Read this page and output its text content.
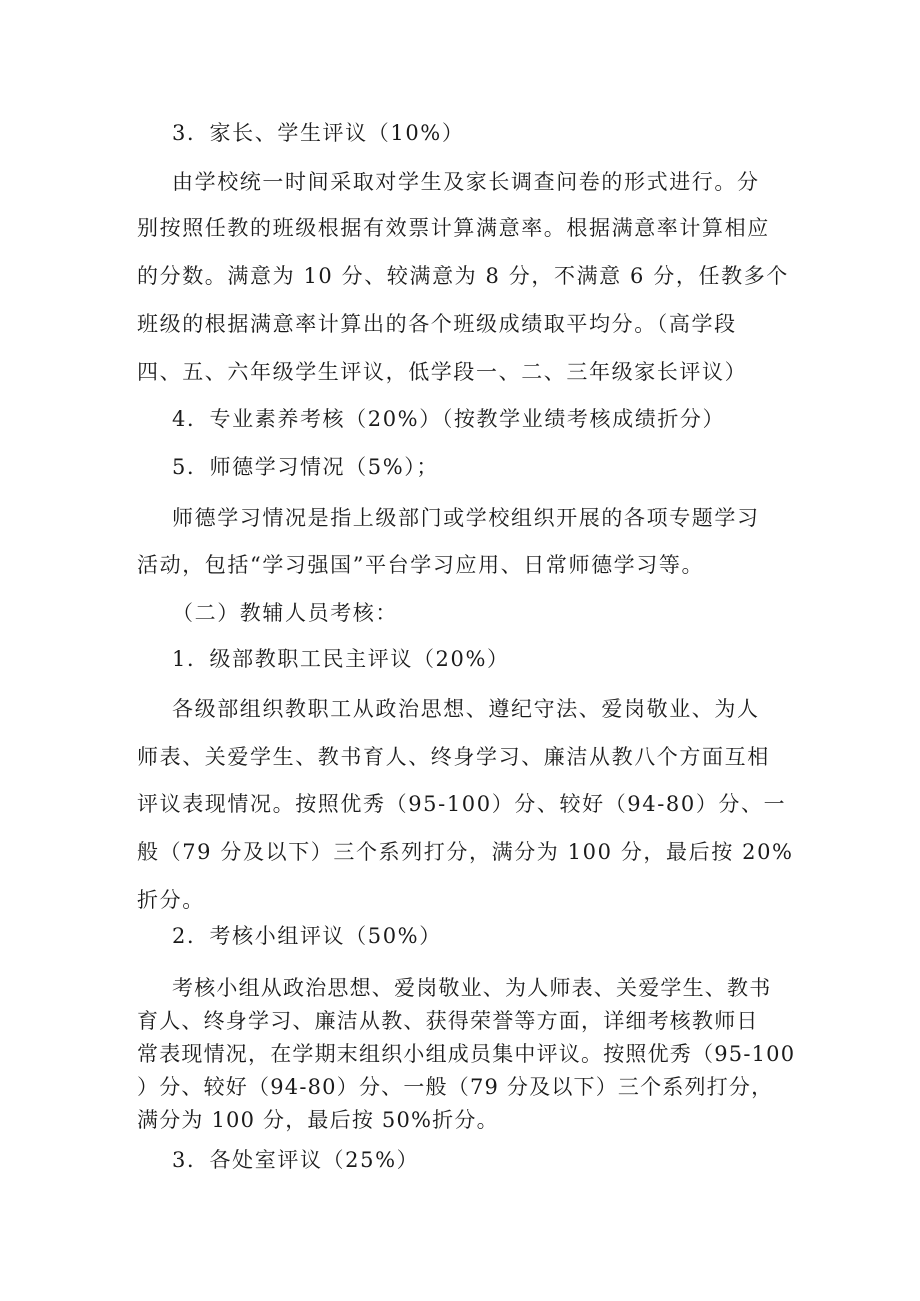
3．家长、学生评议（10%）
由学校统一时间采取对学生及家长调查问卷的形式进行。分
别按照任教的班级根据有效票计算满意率。根据满意率计算相应
的分数。满意为 10 分、较满意为 8 分，不满意 6 分，任教多个
班级的根据满意率计算出的各个班级成绩取平均分。（高学段
四、五、六年级学生评议，低学段一、二、三年级家长评议）
4．专业素养考核（20%）（按教学业绩考核成绩折分）
5．师德学习情况（5%）；
师德学习情况是指上级部门或学校组织开展的各项专题学习
活动，包括“学习强国”平台学习应用、日常师德学习等。
（二）教辅人员考核：
1．级部教职工民主评议（20%）
各级部组织教职工从政治思想、遵纪守法、爱岗敬业、为人
师表、关爱学生、教书育人、终身学习、廉洁从教八个方面互相
评议表现情况。按照优秀（95-100）分、较好（94-80）分、一
般（79 分及以下）三个系列打分，满分为 100 分，最后按 20%
折分。
2．考核小组评议（50%）
考核小组从政治思想、爱岗敬业、为人师表、关爱学生、教书
育人、终身学习、廉洁从教、获得荣誉等方面，详细考核教师日
常表现情况，在学期末组织小组成员集中评议。按照优秀（95-100
）分、较好（94-80）分、一般（79 分及以下）三个系列打分，
满分为 100 分，最后按 50%折分。
3．各处室评议（25%）
